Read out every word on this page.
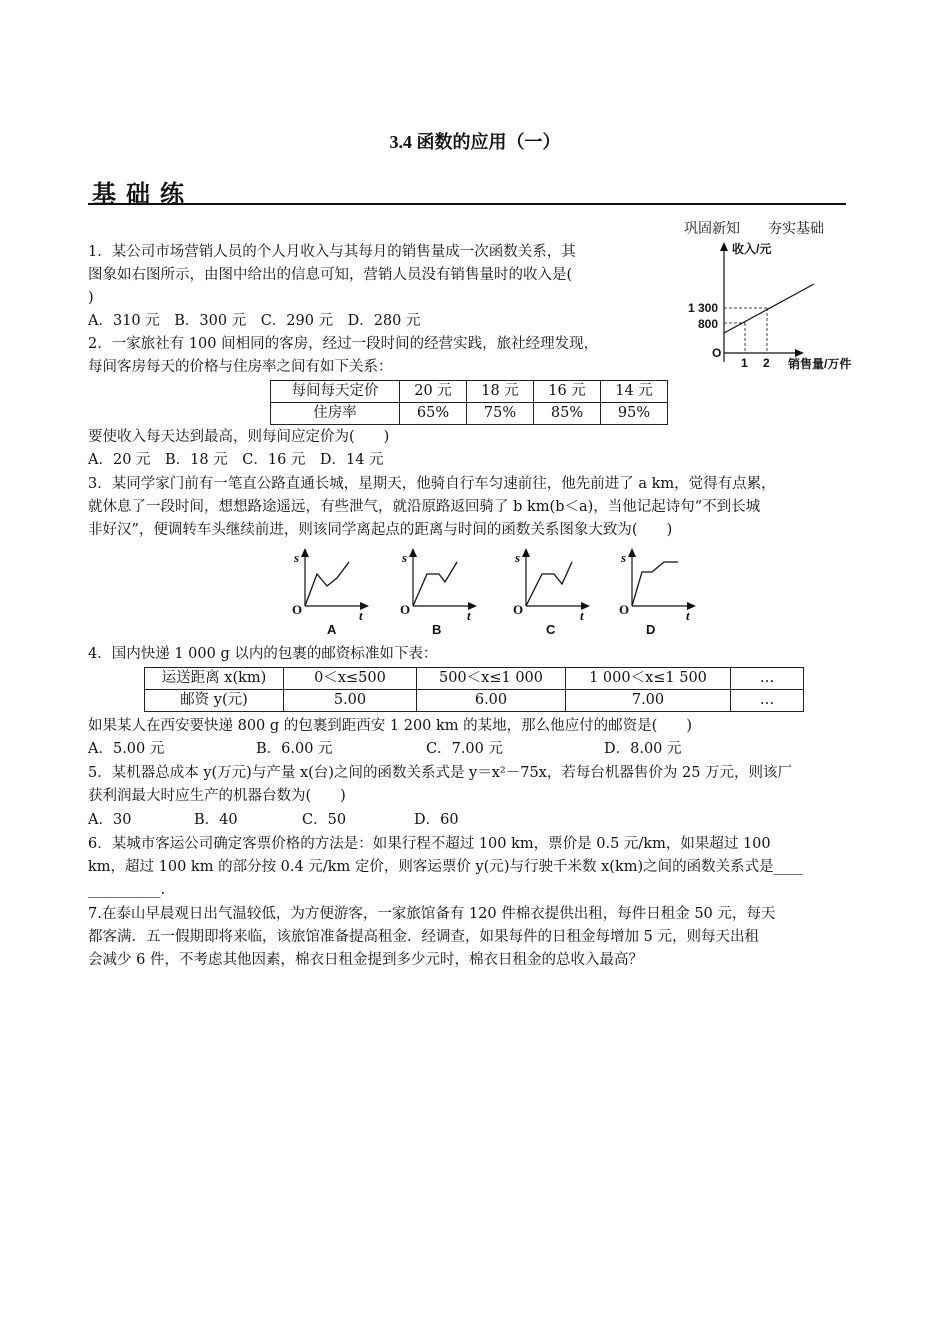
3.4 函数的应用（一）
基础练
巩固新知　　夯实基础
1．某公司市场营销人员的个人月收入与其每月的销售量成一次函数关系，其
图象如右图所示，由图中给出的信息可知，营销人员没有销售量时的收入是(
)
A．310 元　B．300 元　C．290 元　D．280 元
收入/元
销售量/万件
O
1 300
800
1 2
2．一家旅社有 100 间相同的客房，经过一段时间的经营实践，旅社经理发现，
每间客房每天的价格与住房率之间有如下关系：
每间每天定价	20 元	18 元	16 元	14 元
住房率	65%	75%	85%	95%
要使收入每天达到最高，则每间应定价为(　　)
A．20 元　B．18 元　C．16 元　D．14 元
3．某同学家门前有一笔直公路直通长城，星期天，他骑自行车匀速前往，他先前进了 a km，觉得有点累，
就休息了一段时间，想想路途遥远，有些泄气，就沿原路返回骑了 b km(b＜a)，当他记起诗句“不到长城
非好汉”，便调转车头继续前进，则该同学离起点的距离与时间的函数关系图象大致为(　　)
s
t
O
A
s
t
O
B
s
t
O
C
s
t
O
D
4．国内快递 1 000 g 以内的包裹的邮资标准如下表：
运送距离 x(km)	0＜x≤500	500＜x≤1 000	1 000＜x≤1 500	…
邮资 y(元)	5.00	6.00	7.00	…
如果某人在西安要快递 800 g 的包裹到距西安 1 200 km 的某地，那么他应付的邮资是(　　)
A．5.00 元	B．6.00 元	C．7.00 元	D．8.00 元
5．某机器总成本 y(万元)与产量 x(台)之间的函数关系式是 y＝x²－75x，若每台机器售价为 25 万元，则该厂
获利润最大时应生产的机器台数为(　　)
A．30	B．40	C．50	D．60
6．某城市客运公司确定客票价格的方法是：如果行程不超过 100 km，票价是 0.5 元/km，如果超过 100
km，超过 100 km 的部分按 0.4 元/km 定价，则客运票价 y(元)与行驶千米数 x(km)之间的函数关系式是____
__________.
7.在泰山早晨观日出气温较低，为方便游客，一家旅馆备有 120 件棉衣提供出租，每件日租金 50 元，每天
都客满．五一假期即将来临，该旅馆准备提高租金．经调查，如果每件的日租金每增加 5 元，则每天出租
会减少 6 件，不考虑其他因素，棉衣日租金提到多少元时，棉衣日租金的总收入最高？
